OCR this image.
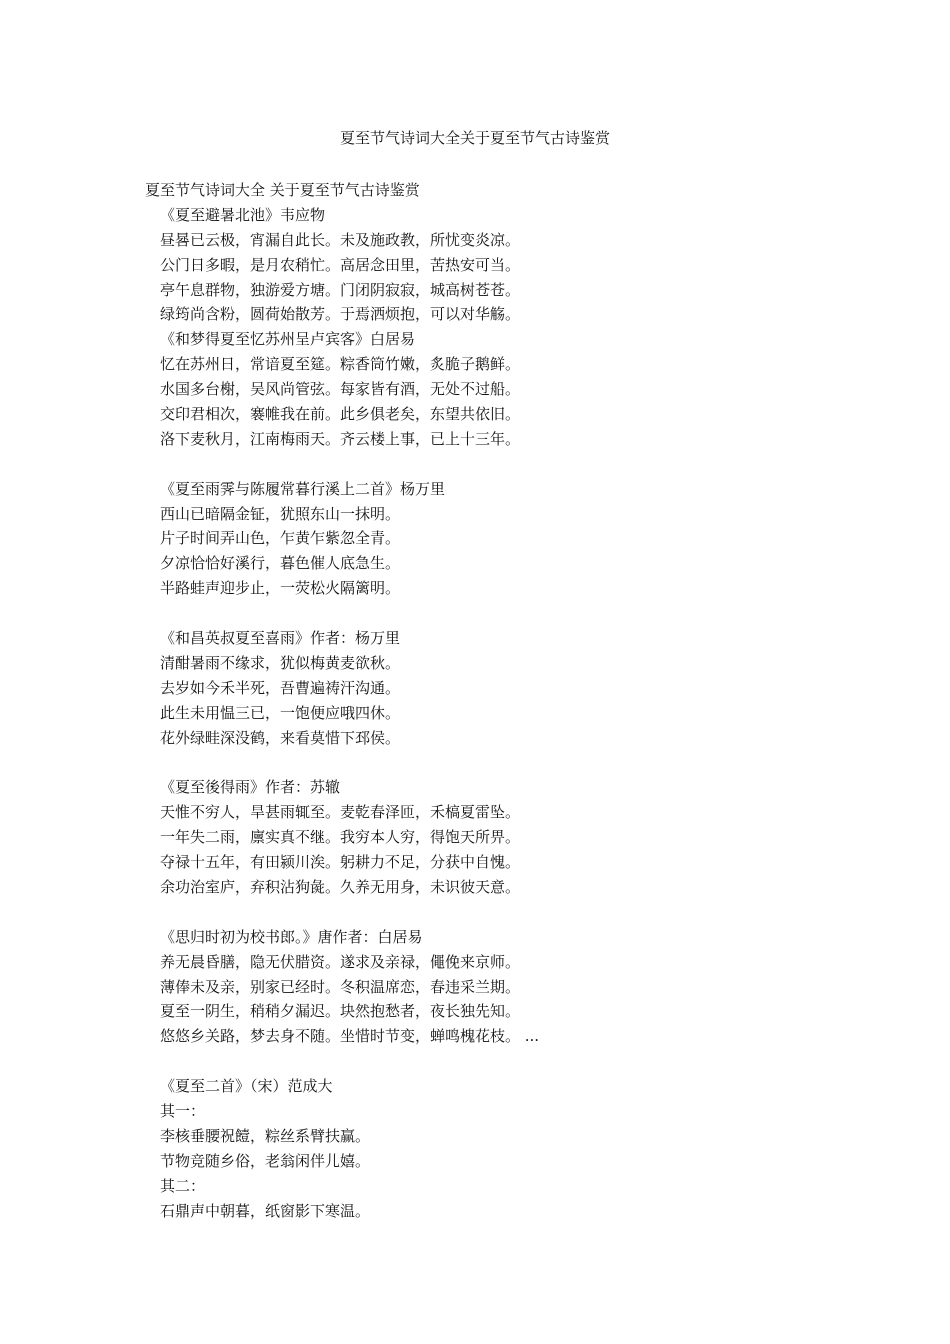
夏至节气诗词大全关于夏至节气古诗鉴赏
夏至节气诗词大全 关于夏至节气古诗鉴赏
《夏至避暑北池》韦应物
昼晷已云极，宵漏自此长。未及施政教，所忧变炎凉。
公门日多暇，是月农稍忙。高居念田里，苦热安可当。
亭午息群物，独游爱方塘。门闭阴寂寂，城高树苍苍。
绿筠尚含粉，圆荷始散芳。于焉洒烦抱，可以对华觞。
《和梦得夏至忆苏州呈卢宾客》白居易
忆在苏州日，常谙夏至筵。粽香筒竹嫩，炙脆子鹅鲜。
水国多台榭，吴风尚管弦。每家皆有酒，无处不过船。
交印君相次，褰帷我在前。此乡俱老矣，东望共依旧。
洛下麦秋月，江南梅雨天。齐云楼上事，已上十三年。
《夏至雨霁与陈履常暮行溪上二首》杨万里
西山已暗隔金钲，犹照东山一抹明。
片子时间弄山色，乍黄乍紫忽全青。
夕凉恰恰好溪行，暮色催人底急生。
半路蛙声迎步止，一荧松火隔篱明。
《和昌英叔夏至喜雨》作者：杨万里
清酣暑雨不缘求，犹似梅黄麦欲秋。
去岁如今禾半死，吾曹遍祷汗沟通。
此生未用愠三已，一饱便应哦四休。
花外绿畦深没鹤，来看莫惜下邳侯。
《夏至後得雨》作者：苏辙
天惟不穷人，旱甚雨辄至。麦乾春泽匝，禾槁夏雷坠。
一年失二雨，廪实真不继。我穷本人穷，得饱天所畀。
夺禄十五年，有田颍川涘。躬耕力不足，分获中自愧。
余功治室庐，弃积沾狗彘。久养无用身，未识彼天意。
《思归时初为校书郎。》唐作者：白居易
养无晨昏膳，隐无伏腊资。遂求及亲禄，僶俛来京师。
薄俸未及亲，别家已经时。冬积温席恋，春违采兰期。
夏至一阴生，稍稍夕漏迟。块然抱愁者，夜长独先知。
悠悠乡关路，梦去身不随。坐惜时节变，蝉鸣槐花枝。 ...
《夏至二首》（宋）范成大
其一：
李核垂腰祝饐，粽丝系臂扶赢。
节物竞随乡俗，老翁闲伴儿嬉。
其二：
石鼎声中朝暮，纸窗影下寒温。
